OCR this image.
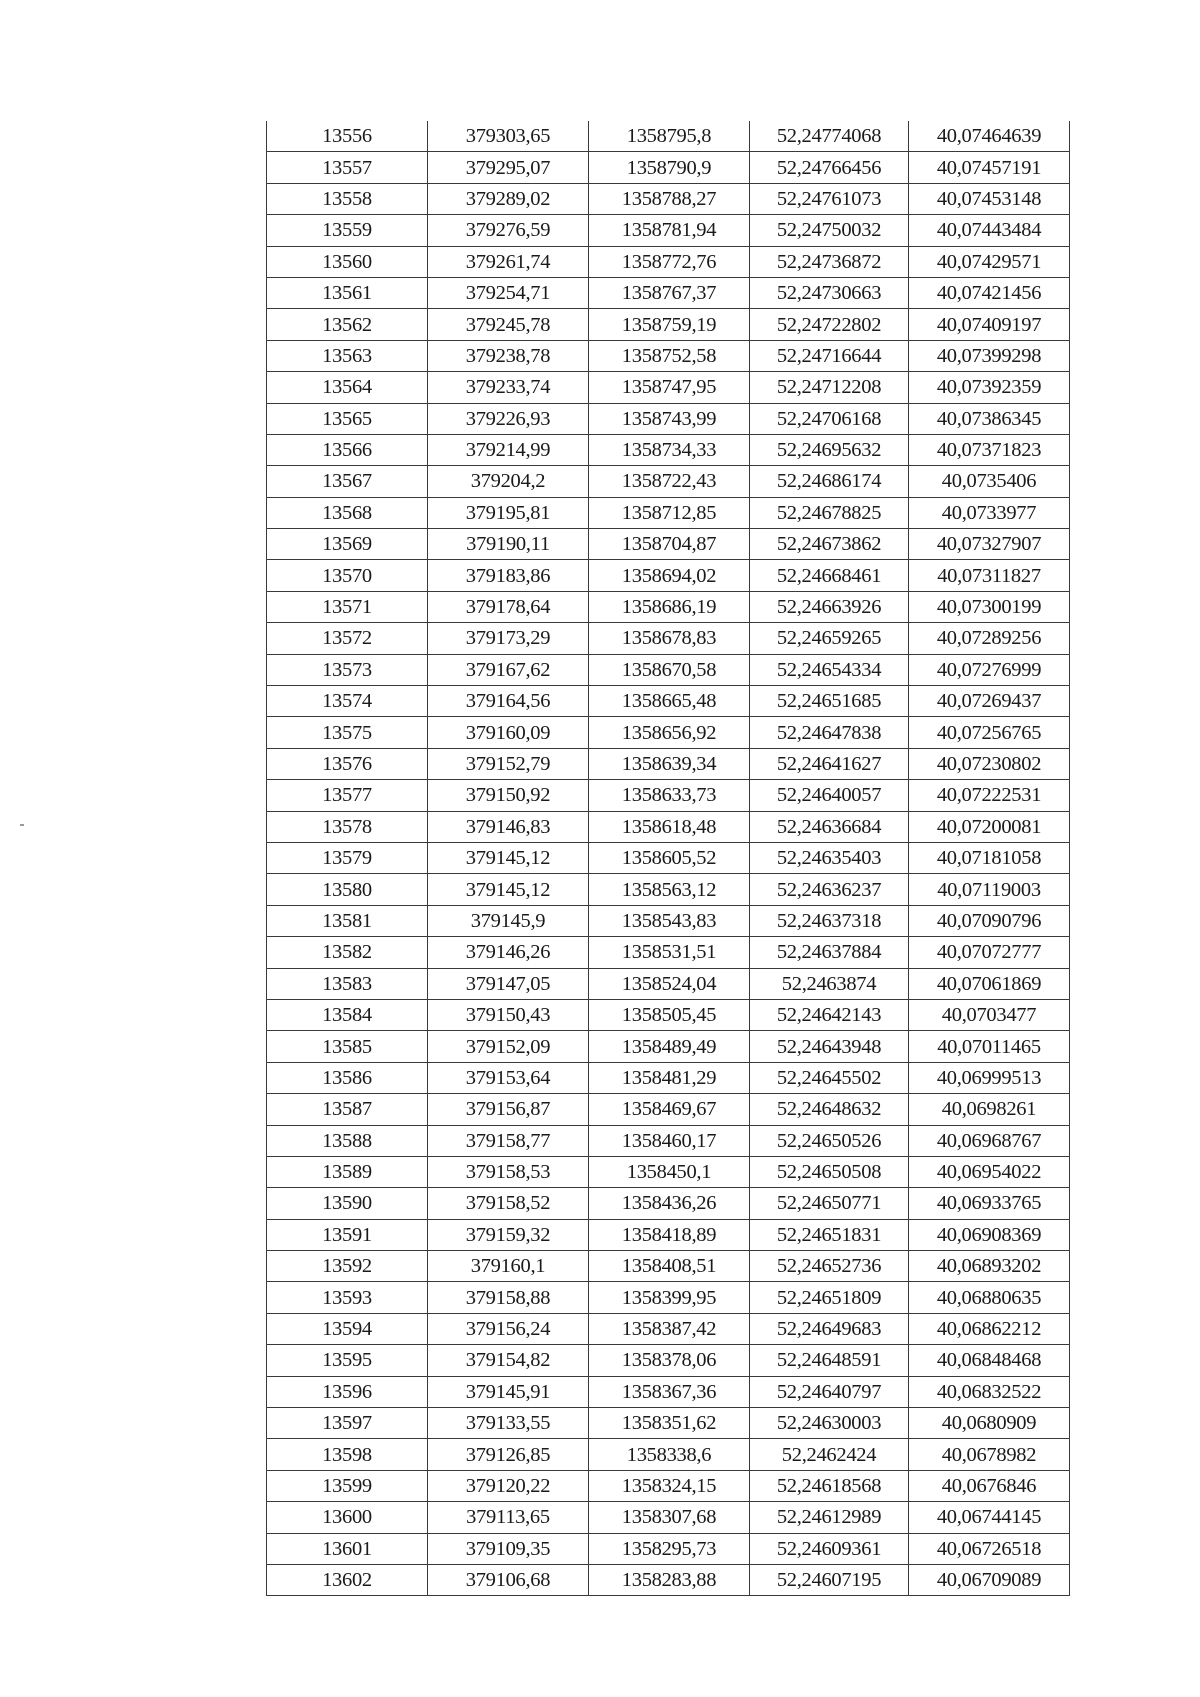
13556	379303,65	1358795,8	52,24774068	40,07464639
13557	379295,07	1358790,9	52,24766456	40,07457191
13558	379289,02	1358788,27	52,24761073	40,07453148
13559	379276,59	1358781,94	52,24750032	40,07443484
13560	379261,74	1358772,76	52,24736872	40,07429571
13561	379254,71	1358767,37	52,24730663	40,07421456
13562	379245,78	1358759,19	52,24722802	40,07409197
13563	379238,78	1358752,58	52,24716644	40,07399298
13564	379233,74	1358747,95	52,24712208	40,07392359
13565	379226,93	1358743,99	52,24706168	40,07386345
13566	379214,99	1358734,33	52,24695632	40,07371823
13567	379204,2	1358722,43	52,24686174	40,0735406
13568	379195,81	1358712,85	52,24678825	40,0733977
13569	379190,11	1358704,87	52,24673862	40,07327907
13570	379183,86	1358694,02	52,24668461	40,07311827
13571	379178,64	1358686,19	52,24663926	40,07300199
13572	379173,29	1358678,83	52,24659265	40,07289256
13573	379167,62	1358670,58	52,24654334	40,07276999
13574	379164,56	1358665,48	52,24651685	40,07269437
13575	379160,09	1358656,92	52,24647838	40,07256765
13576	379152,79	1358639,34	52,24641627	40,07230802
13577	379150,92	1358633,73	52,24640057	40,07222531
13578	379146,83	1358618,48	52,24636684	40,07200081
13579	379145,12	1358605,52	52,24635403	40,07181058
13580	379145,12	1358563,12	52,24636237	40,07119003
13581	379145,9	1358543,83	52,24637318	40,07090796
13582	379146,26	1358531,51	52,24637884	40,07072777
13583	379147,05	1358524,04	52,2463874	40,07061869
13584	379150,43	1358505,45	52,24642143	40,0703477
13585	379152,09	1358489,49	52,24643948	40,07011465
13586	379153,64	1358481,29	52,24645502	40,06999513
13587	379156,87	1358469,67	52,24648632	40,0698261
13588	379158,77	1358460,17	52,24650526	40,06968767
13589	379158,53	1358450,1	52,24650508	40,06954022
13590	379158,52	1358436,26	52,24650771	40,06933765
13591	379159,32	1358418,89	52,24651831	40,06908369
13592	379160,1	1358408,51	52,24652736	40,06893202
13593	379158,88	1358399,95	52,24651809	40,06880635
13594	379156,24	1358387,42	52,24649683	40,06862212
13595	379154,82	1358378,06	52,24648591	40,06848468
13596	379145,91	1358367,36	52,24640797	40,06832522
13597	379133,55	1358351,62	52,24630003	40,0680909
13598	379126,85	1358338,6	52,2462424	40,0678982
13599	379120,22	1358324,15	52,24618568	40,0676846
13600	379113,65	1358307,68	52,24612989	40,06744145
13601	379109,35	1358295,73	52,24609361	40,06726518
13602	379106,68	1358283,88	52,24607195	40,06709089
